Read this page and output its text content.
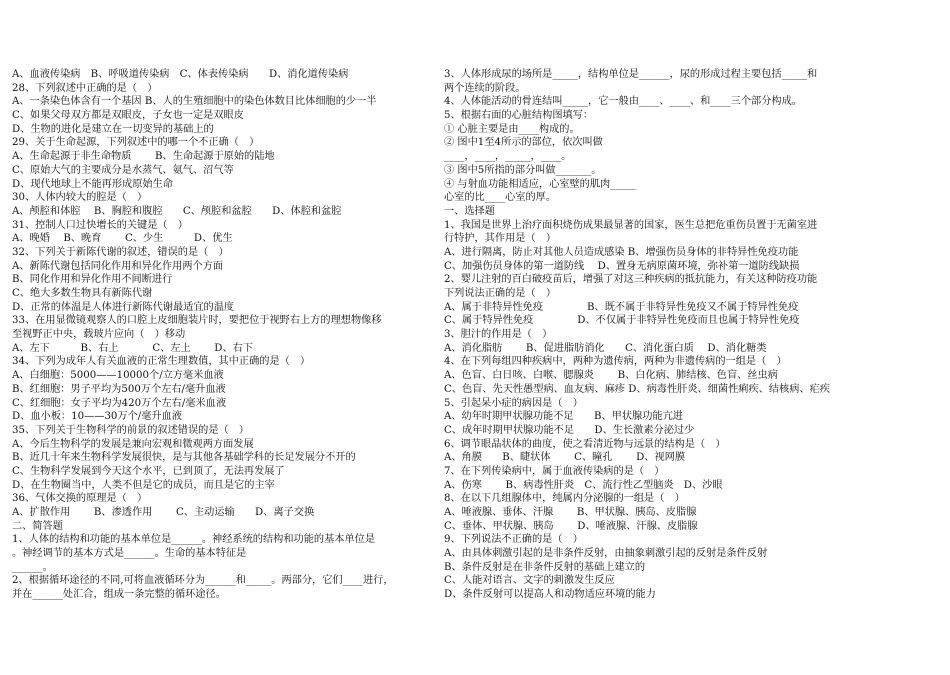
A、血液传染病　B、呼吸道传染病　C、体表传染病　　D、消化道传染病
28、下列叙述中正确的是（　）
A、一条染色体含有一个基因 B、人的生殖细胞中的染色体数目比体细胞的少一半
C、如果父母双方都是双眼皮，子女也一定是双眼皮
D、生物的进化是建立在一切变异的基础上的
29、关于生命起源，下列叙述中的哪一个不正确（　）
A、生命起源于非生命物质　　 B、生命起源于原始的陆地
C、原始大气的主要成分是水蒸气、氨气、沼气等
D、现代地球上不能再形成原始生命
30、人体内较大的腔是（　）
A、颅腔和体腔　 B、胸腔和腹腔　　C、颅腔和盆腔　　D、体腔和盆腔
31、控制人口过快增长的关键是（　）
A、晚婚　 B、晚育　　 C、少生　　　D、优生
32、下列关于新陈代谢的叙述，错误的是（　）
A、新陈代谢包括同化作用和异化作用两个方面
B、同化作用和异化作用不间断进行
C、绝大多数生物具有新陈代谢
D、正常的体温是人体进行新陈代谢最适宜的温度
33、在用显微镜观察人的口腔上皮细胞装片时，要把位于视野右上方的理想物像移
至视野正中央，载玻片应向（　）移动
A、左下　　　B、右上　　　 C、左上　　 D、右下
34、下列为成年人有关血液的正常生理数值，其中正确的是（　）
A、白细胞：5000——10000个/立方毫米血液
B、红细胞：男子平均为500万个左右/毫升血液
C、红细胞：女子平均为420万个左右/毫米血液
D、血小板：10——30万个/毫升血液
35、下列关于生物科学的前景的叙述错误的是（　）
A、今后生物科学的发展是兼向宏观和微观两方面发展
B、近几十年来生物科学发展很快，是与其他各基础学科的长足发展分不开的
C、生物科学发展到今天这个水平，已到顶了，无法再发展了
D、在生物圈当中，人类不但是它的成员，而且是它的主宰
36、气体交换的原理是（　）
A、扩散作用　　 B、渗透作用　　 C、主动运输　　D、离子交换
二、简答题
1、人体的结构和功能的基本单位是______。神经系统的结构和功能的基本单位是
。神经调节的基本方式是______。生命的基本特征是
______。
2、根据循环途径的不同,可将血液循环分为______和_____。两部分，它们____进行，
并在______处汇合，组成一条完整的循环途径。
3、人体形成尿的场所是_____，结构单位是______，尿的形成过程主要包括_____和
两个连续的阶段。
4、人体能活动的骨连结叫_____，它一般由____、____、和____三个部分构成。
5、根据右面的心脏结构图填写：
① 心脏主要是由____构成的。
② 图中1至4所示的部位，依次叫做
____，____，_____，____。
③ 图中5所指的部分叫做_______。
④ 与射血功能相适应，心室壁的肌肉_____
心室的比____心室的厚。
一、选择题
1、我国是世界上治疗面积烧伤成果最显著的国家，医生总把危重伤员置于无菌室进
行特护，其作用是（　）
A、进行隔离，防止对其他人员造成感染 B、增强伤员身体的非特异性免疫功能
C、加强伤员身体的第一道防线　 D、置身无病原菌环境，弥补第一道防线缺损
2、婴儿注射的百白破疫苗后，增强了对这三种疾病的抵抗能力，有关这种防疫功能
下列说法正确的是（　）
A、属于非特异性免疫　　　　 B、既不属于非特异性免疫又不属于特异性免疫
C、属于特异性免疫　　　　 D、不仅属于非特异性免疫而且也属于特异性免疫
3、胆汁的作用是（　）
A、消化脂肪　　 B、促进脂肪消化　　C、消化蛋白质　 D、消化糖类
4、在下列每组四种疾病中，两种为遗传病，两种为非遗传病的一组是（　）
A、色盲、白日咳、白喉、腮腺炎　　 B、白化病、肺结核、色盲、丝虫病
C、色盲、先天性愚型病、血友病、麻疹 D、病毒性肝炎、细菌性痢疾、结核病、疟疾
5、引起呆小症的病因是（　）
A、幼年时期甲状腺功能不足　　B、甲状腺功能亢进
C、成年时期甲状腺功能不足　　D、生长激素分泌过少
6、调节眼晶状体的曲度，使之看清近物与远景的结构是（　）
A、角膜　　B、睫状体　　 C、瞳孔　　 D、视网膜
7、在下列传染病中，属于血液传染病的是（　）
A、伤寒　　 B、病毒性肝炎　C、流行性乙型脑炎　D、沙眼
8、在以下几组腺体中，纯属内分泌腺的一组是（　）
A、唾液腺、垂体、汗腺　　 B、甲状腺、胰岛、皮脂腺
C、垂体、甲状腺、胰岛　　 D、唾液腺、汗腺、皮脂腺
9、下列说法不正确的是（　）
A、由具体刺激引起的是非条件反射，由抽象刺激引起的反射是条件反射
B、条件反射是在非条件反射的基础上建立的
C、人能对语言、文字的刺激发生反应
D、条件反射可以提高人和动物适应环境的能力
